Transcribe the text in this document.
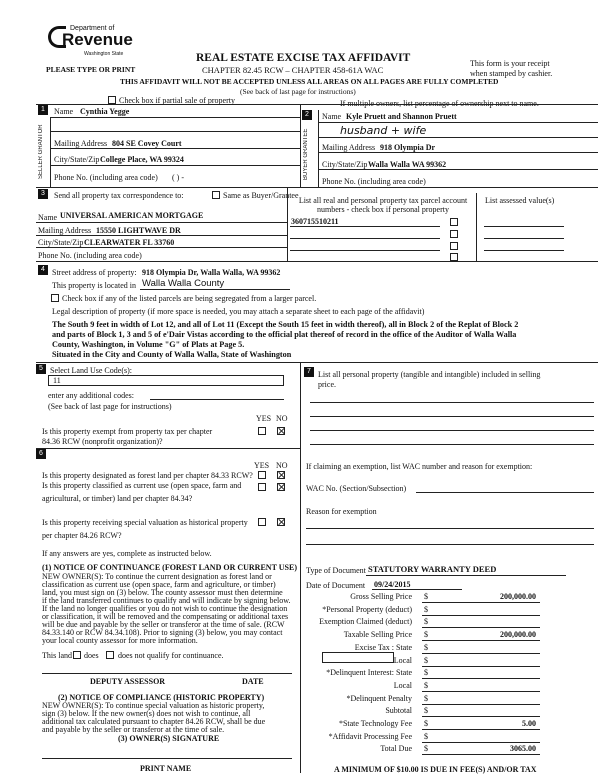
Department of
Revenue
Washington State
PLEASE TYPE OR PRINT
REAL ESTATE EXCISE TAX AFFIDAVIT
CHAPTER 82.45 RCW – CHAPTER 458-61A WAC
THIS AFFIDAVIT WILL NOT BE ACCEPTED UNLESS ALL AREAS ON ALL PAGES ARE FULLY COMPLETED
(See back of last page for instructions)
This form is your receipt
when stamped by cashier.
Check box if partial sale of property	If multiple owners, list percentage of ownership next to name.
1
SELLER GRANTOR
Name Cynthia Yegge
Mailing Address 804 SE Covey Court
City/State/Zip College Place, WA 99324
Phone No. (including area code) ( ) -
2
BUYER GRANTEE
Name Kyle Pruett and Shannon Pruett
husband + wife
Mailing Address 918 Olympia Dr
City/State/Zip Walla Walla WA 99362
Phone No. (including area code)
3	Send all property tax correspondence to:	Same as Buyer/Grantee
Name UNIVERSAL AMERICAN MORTGAGE
Mailing Address 15550 LIGHTWAVE DR
City/State/Zip CLEARWATER FL 33760
Phone No. (including area code)
List all real and personal property tax parcel account numbers - check box if personal property
List assessed value(s)
360715510211
4 Street address of property: 918 Olympia Dr, Walla Walla, WA 99362
This property is located in Walla Walla County
Check box if any of the listed parcels are being segregated from a larger parcel.
Legal description of property (if more space is needed, you may attach a separate sheet to each page of the affidavit)
The South 9 feet in width of Lot 12, and all of Lot 11 (Except the South 15 feet in width thereof), all in Block 2 of the Replat of Block 2
and parts of Block 1, 3 and 5 of e'Dair Vistas according to the official plat thereof of record in the office of the Auditor of Walla Walla
County, Washington, in Volume "G" of Plats at Page 5.
Situated in the City and County of Walla Walla, State of Washington
5 Select Land Use Code(s):
11
enter any additional codes:
(See back of last page for instructions)
YES NO
Is this property exempt from property tax per chapter
84.36 RCW (nonprofit organization)?
6
YES NO
Is this property designated as forest land per chapter 84.33 RCW?
Is this property classified as current use (open space, farm and
agricultural, or timber) land per chapter 84.34?
Is this property receiving special valuation as historical property
per chapter 84.26 RCW?
If any answers are yes, complete as instructed below.
(1) NOTICE OF CONTINUANCE (FOREST LAND OR CURRENT USE)
NEW OWNER(S): To continue the current designation as forest land or
classification as current use (open space, farm and agriculture, or timber)
land, you must sign on (3) below. The county assessor must then determine
if the land transferred continues to qualify and will indicate by signing below.
If the land no longer qualifies or you do not wish to continue the designation
or classification, it will be removed and the compensating or additional taxes
will be due and payable by the seller or transferor at the time of sale. (RCW
84.33.140 or RCW 84.34.108). Prior to signing (3) below, you may contact
your local county assessor for more information.
This land does does not qualify for continuance.
DEPUTY ASSESSOR	DATE
(2) NOTICE OF COMPLIANCE (HISTORIC PROPERTY)
NEW OWNER(S): To continue special valuation as historic property,
sign (3) below. If the new owner(s) does not wish to continue, all
additional tax calculated pursuant to chapter 84.26 RCW, shall be due
and payable by the seller or transferor at the time of sale.
(3) OWNER(S) SIGNATURE
PRINT NAME
7 List all personal property (tangible and intangible) included in selling
price.
If claiming an exemption, list WAC number and reason for exemption:
WAC No. (Section/Subsection)
Reason for exemption
Type of Document STATUTORY WARRANTY DEED
Date of Document 09/24/2015
Gross Selling Price $	200,000.00
*Personal Property (deduct) $
Exemption Claimed (deduct) $
Taxable Selling Price $	200,000.00
Excise Tax : State $
Local $
*Delinquent Interest: State $
Local $
*Delinquent Penalty $
Subtotal $
*State Technology Fee $	5.00
*Affidavit Processing Fee $
Total Due $	3065.00
A MINIMUM OF $10.00 IS DUE IN FEE(S) AND/OR TAX
